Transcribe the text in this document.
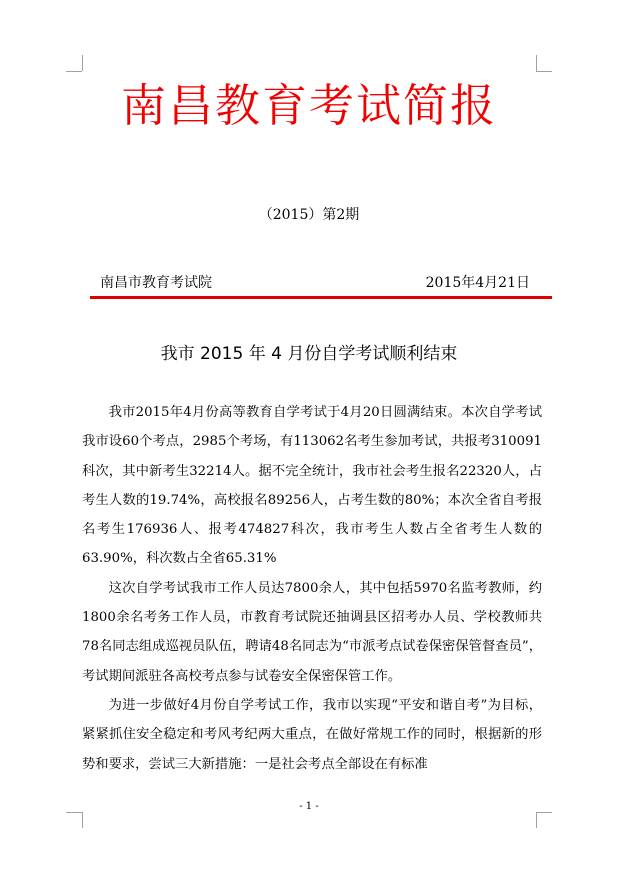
南昌教育考试简报
（2015）第2期
南昌市教育考试院	2015年4月21日
我市 2015 年 4 月份自学考试顺利结束

我市2015年4月份高等教育自学考试于4月20日圆满结束。本次自学考试我市设60个考点，2985个考场，有113062名考生参加考试，共报考310091科次，其中新考生32214人。据不完全统计，我市社会考生报名22320人，占考生人数的19.74%，高校报名89256人，占考生数的80%；本次全省自考报名考生176936人、报考474827科次，我市考生人数占全省考生人数的63.90%，科次数占全省65.31%

这次自学考试我市工作人员达7800余人，其中包括5970名监考教师，约1800余名考务工作人员，市教育考试院还抽调县区招考办人员、学校教师共78名同志组成巡视员队伍，聘请48名同志为“市派考点试卷保密保管督查员”，考试期间派驻各高校考点参与试卷安全保密保管工作。

为进一步做好4月份自学考试工作，我市以实现“平安和谐自考”为目标，紧紧抓住安全稳定和考风考纪两大重点，在做好常规工作的同时，根据新的形势和要求，尝试三大新措施：一是社会考点全部设在有标准

- 1 -
